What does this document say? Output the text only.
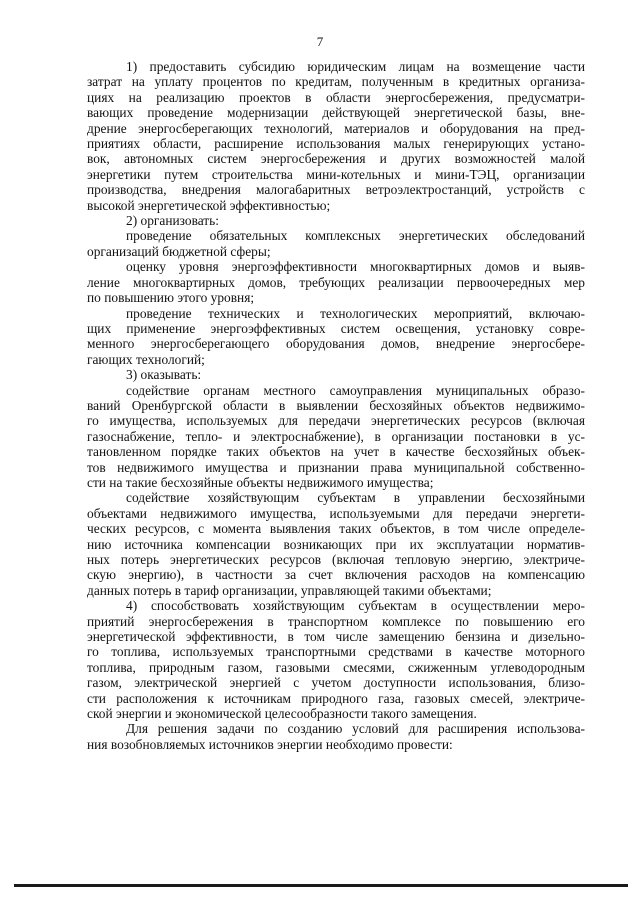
7
1) предоставить субсидию юридическим лицам на возмещение части
затрат на уплату процентов по кредитам, полученным в кредитных организа-
циях на реализацию проектов в области энергосбережения, предусматри-
вающих проведение модернизации действующей энергетической базы, вне-
дрение энергосберегающих технологий, материалов и оборудования на пред-
приятиях области, расширение использования малых генерирующих устано-
вок, автономных систем энергосбережения и других возможностей малой
энергетики путем строительства мини-котельных и мини-ТЭЦ, организации
производства, внедрения малогабаритных ветроэлектростанций, устройств с
высокой энергетической эффективностью;
2) организовать:
проведение обязательных комплексных энергетических обследований
организаций бюджетной сферы;
оценку уровня энергоэффективности многоквартирных домов и выяв-
ление многоквартирных домов, требующих реализации первоочередных мер
по повышению этого уровня;
проведение технических и технологических мероприятий, включаю-
щих применение энергоэффективных систем освещения, установку совре-
менного энергосберегающего оборудования домов, внедрение энергосбере-
гающих технологий;
3) оказывать:
содействие органам местного самоуправления муниципальных образо-
ваний Оренбургской области в выявлении бесхозяйных объектов недвижимо-
го имущества, используемых для передачи энергетических ресурсов (включая
газоснабжение, тепло- и электроснабжение), в организации постановки в ус-
тановленном порядке таких объектов на учет в качестве бесхозяйных объек-
тов недвижимого имущества и признании права муниципальной собственно-
сти на такие бесхозяйные объекты недвижимого имущества;
содействие хозяйствующим субъектам в управлении бесхозяйными
объектами недвижимого имущества, используемыми для передачи энергети-
ческих ресурсов, с момента выявления таких объектов, в том числе определе-
нию источника компенсации возникающих при их эксплуатации норматив-
ных потерь энергетических ресурсов (включая тепловую энергию, электриче-
скую энергию), в частности за счет включения расходов на компенсацию
данных потерь в тариф организации, управляющей такими объектами;
4) способствовать хозяйствующим субъектам в осуществлении меро-
приятий энергосбережения в транспортном комплексе по повышению его
энергетической эффективности, в том числе замещению бензина и дизельно-
го топлива, используемых транспортными средствами в качестве моторного
топлива, природным газом, газовыми смесями, сжиженным углеводородным
газом, электрической энергией с учетом доступности использования, близо-
сти расположения к источникам природного газа, газовых смесей, электриче-
ской энергии и экономической целесообразности такого замещения.
Для решения задачи по созданию условий для расширения использова-
ния возобновляемых источников энергии необходимо провести:
